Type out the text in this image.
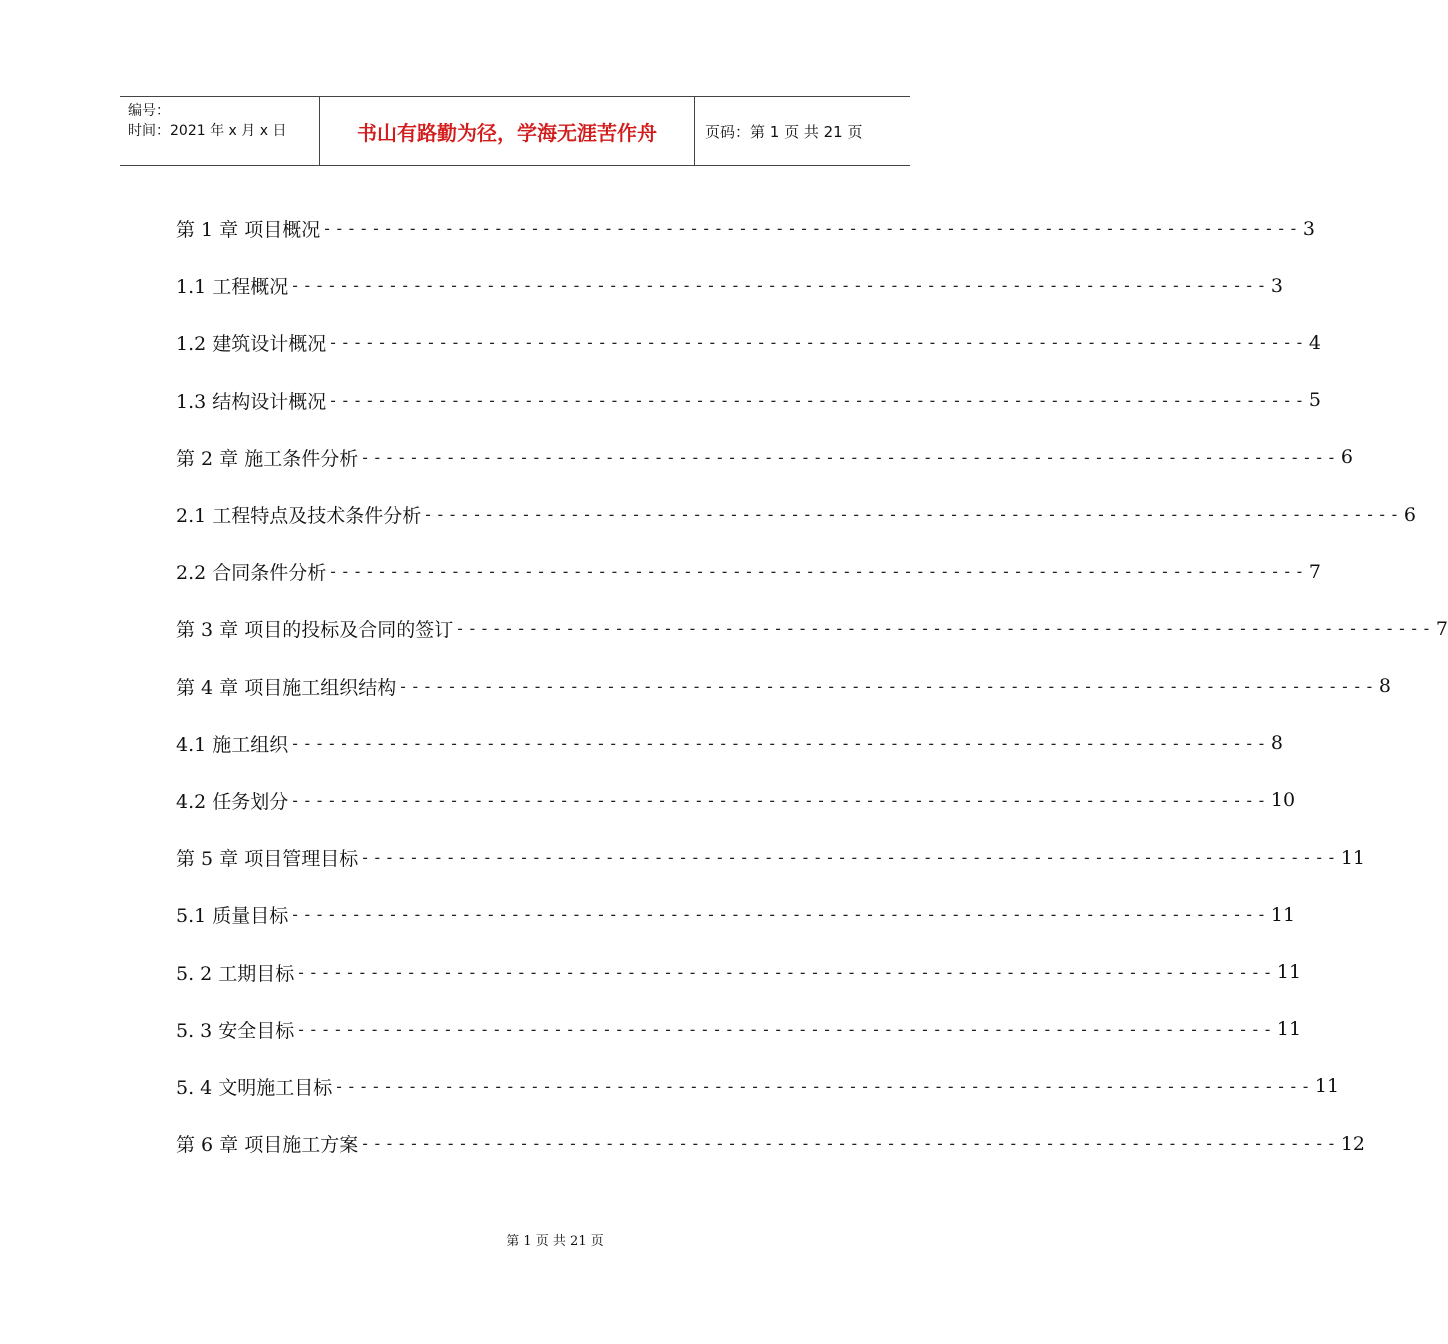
编号：
时间：2021 年 x 月 x 日	书山有路勤为径，学海无涯苦作舟	页码：第 1 页 共 21 页
第 1 章 项目概况 -------------------------------------------------------------------------------- 3
1.1 工程概况 -------------------------------------------------------------------------------- 3
1.2 建筑设计概况 -------------------------------------------------------------------------------- 4
1.3 结构设计概况 -------------------------------------------------------------------------------- 5
第 2 章 施工条件分析 -------------------------------------------------------------------------------- 6
2.1 工程特点及技术条件分析 -------------------------------------------------------------------------------- 6
2.2 合同条件分析 -------------------------------------------------------------------------------- 7
第 3 章 项目的投标及合同的签订 -------------------------------------------------------------------------------- 7
第 4 章 项目施工组织结构 -------------------------------------------------------------------------------- 8
4.1 施工组织 -------------------------------------------------------------------------------- 8
4.2 任务划分 -------------------------------------------------------------------------------- 10
第 5 章 项目管理目标 -------------------------------------------------------------------------------- 11
5.1 质量目标 -------------------------------------------------------------------------------- 11
5. 2 工期目标 -------------------------------------------------------------------------------- 11
5. 3 安全目标 -------------------------------------------------------------------------------- 11
5. 4 文明施工目标 -------------------------------------------------------------------------------- 11
第 6 章 项目施工方案 -------------------------------------------------------------------------------- 12
第 1 页 共 21 页
